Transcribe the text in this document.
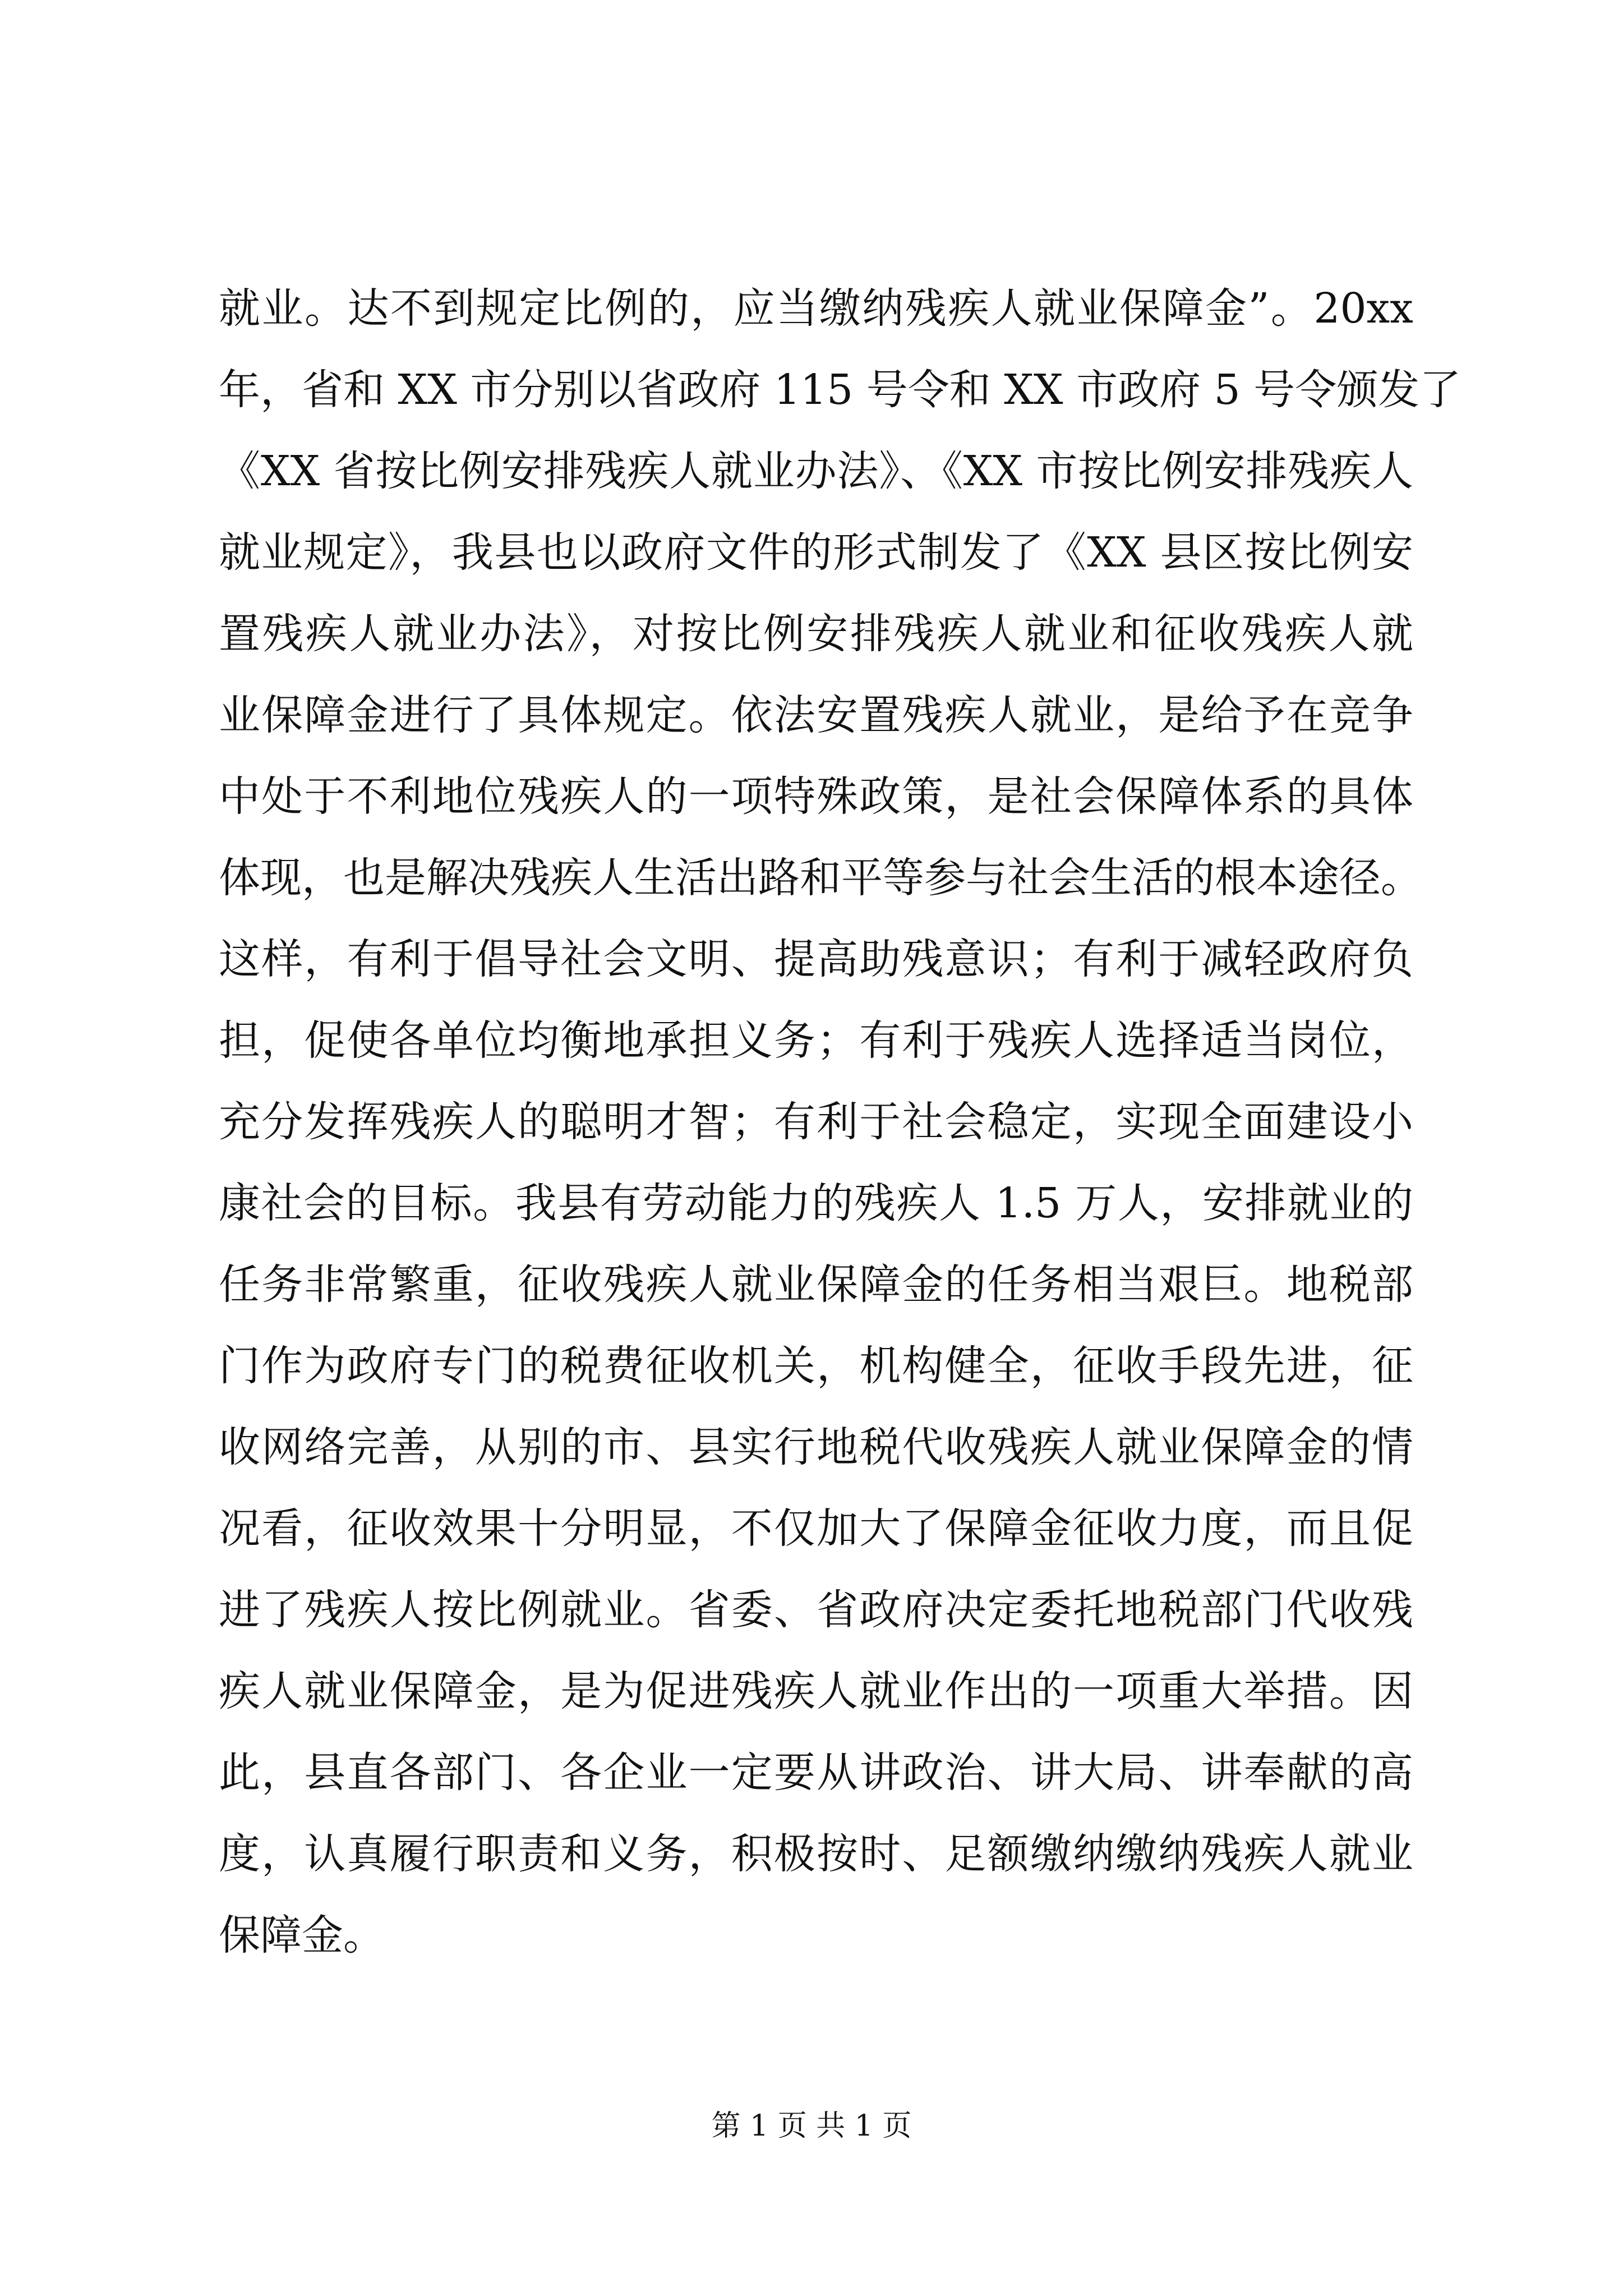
就业。达不到规定比例的，应当缴纳残疾人就业保障金”。20xx
年，省和 XX 市分别以省政府 115 号令和 XX 市政府 5 号令颁发了
《XX 省按比例安排残疾人就业办法》、《XX 市按比例安排残疾人
就业规定》，我县也以政府文件的形式制发了《XX 县区按比例安
置残疾人就业办法》，对按比例安排残疾人就业和征收残疾人就
业保障金进行了具体规定。依法安置残疾人就业，是给予在竞争
中处于不利地位残疾人的一项特殊政策，是社会保障体系的具体
体现，也是解决残疾人生活出路和平等参与社会生活的根本途径。
这样，有利于倡导社会文明、提高助残意识；有利于减轻政府负
担，促使各单位均衡地承担义务；有利于残疾人选择适当岗位，
充分发挥残疾人的聪明才智；有利于社会稳定，实现全面建设小
康社会的目标。我县有劳动能力的残疾人 1.5 万人，安排就业的
任务非常繁重，征收残疾人就业保障金的任务相当艰巨。地税部
门作为政府专门的税费征收机关，机构健全，征收手段先进，征
收网络完善，从别的市、县实行地税代收残疾人就业保障金的情
况看，征收效果十分明显，不仅加大了保障金征收力度，而且促
进了残疾人按比例就业。省委、省政府决定委托地税部门代收残
疾人就业保障金，是为促进残疾人就业作出的一项重大举措。因
此，县直各部门、各企业一定要从讲政治、讲大局、讲奉献的高
度，认真履行职责和义务，积极按时、足额缴纳缴纳残疾人就业
保障金。
第 1 页 共 1 页
